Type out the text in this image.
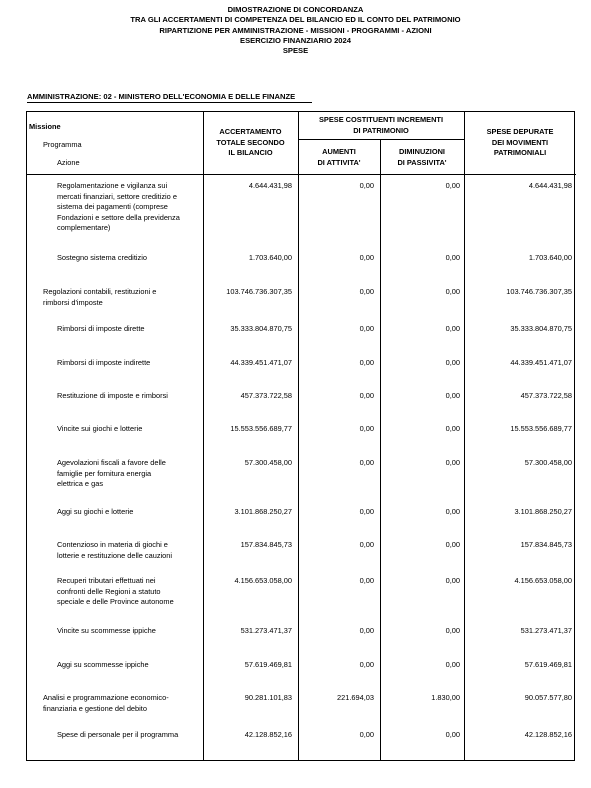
DIMOSTRAZIONE DI CONCORDANZA
TRA GLI ACCERTAMENTI DI COMPETENZA DEL BILANCIO ED IL CONTO DEL PATRIMONIO
RIPARTIZIONE PER AMMINISTRAZIONE - MISSIONI - PROGRAMMI - AZIONI
ESERCIZIO FINANZIARIO 2024
SPESE
AMMINISTRAZIONE: 02 - MINISTERO DELL'ECONOMIA E DELLE FINANZE
Missione
Programma
Azione
ACCERTAMENTO
TOTALE SECONDO
IL BILANCIO
SPESE COSTITUENTI INCREMENTI
DI PATRIMONIO
AUMENTI
DI ATTIVITA'
DIMINUZIONI
DI PASSIVITA'
SPESE DEPURATE
DEI MOVIMENTI
PATRIMONIALI
Regolamentazione e vigilanza sui
mercati finanziari, settore creditizio e
sistema dei pagamenti (comprese
Fondazioni e settore della previdenza
complementare)
4.644.431,98	0,00	0,00	4.644.431,98
Sostegno sistema creditizio	1.703.640,00	0,00	0,00	1.703.640,00
Regolazioni contabili, restituzioni e
rimborsi d'imposte
103.746.736.307,35	0,00	0,00	103.746.736.307,35
Rimborsi di imposte dirette	35.333.804.870,75	0,00	0,00	35.333.804.870,75
Rimborsi di imposte indirette	44.339.451.471,07	0,00	0,00	44.339.451.471,07
Restituzione di imposte e rimborsi	457.373.722,58	0,00	0,00	457.373.722,58
Vincite sui giochi e lotterie	15.553.556.689,77	0,00	0,00	15.553.556.689,77
Agevolazioni fiscali a favore delle
famiglie per fornitura energia
elettrica e gas
57.300.458,00	0,00	0,00	57.300.458,00
Aggi su giochi e lotterie	3.101.868.250,27	0,00	0,00	3.101.868.250,27
Contenzioso in materia di giochi e
lotterie e restituzione delle cauzioni
157.834.845,73	0,00	0,00	157.834.845,73
Recuperi tributari effettuati nei
confronti delle Regioni a statuto
speciale e delle Province autonome
4.156.653.058,00	0,00	0,00	4.156.653.058,00
Vincite su scommesse ippiche	531.273.471,37	0,00	0,00	531.273.471,37
Aggi su scommesse ippiche	57.619.469,81	0,00	0,00	57.619.469,81
Analisi e programmazione economico-
finanziaria e gestione del debito
90.281.101,83	221.694,03	1.830,00	90.057.577,80
Spese di personale per il programma	42.128.852,16	0,00	0,00	42.128.852,16
